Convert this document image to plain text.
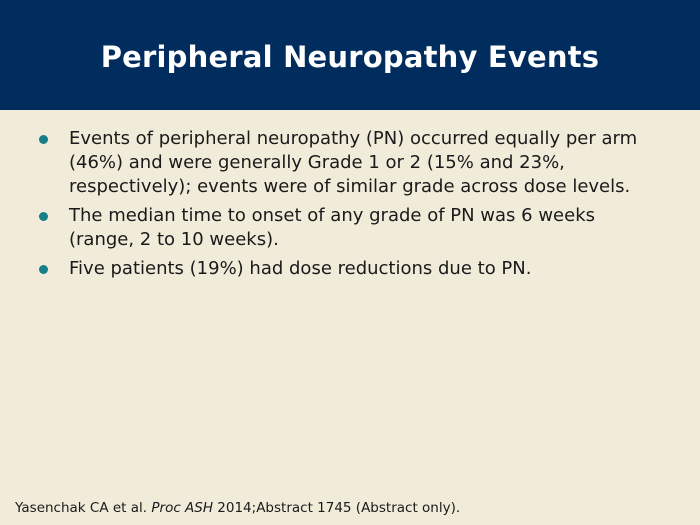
Peripheral Neuropathy Events
Events of peripheral neuropathy (PN) occurred equally per arm (46%) and were generally Grade 1 or 2 (15% and 23%, respectively); events were of similar grade across dose levels.
The median time to onset of any grade of PN was 6 weeks (range, 2 to 10 weeks).
Five patients (19%) had dose reductions due to PN.
Yasenchak CA et al. Proc ASH 2014;Abstract 1745 (Abstract only).
